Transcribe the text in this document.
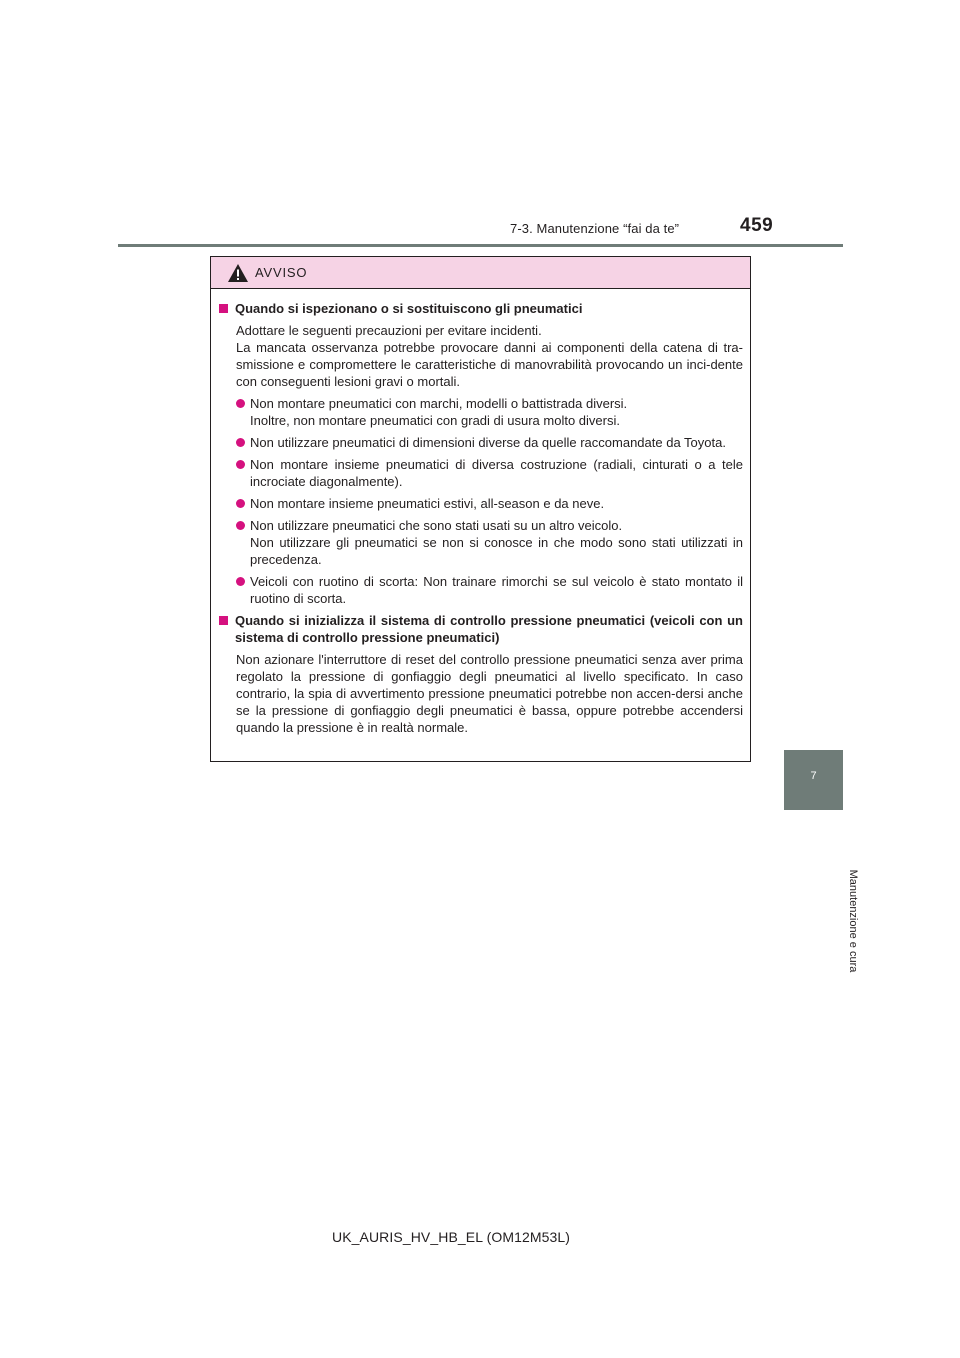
7-3. Manutenzione “fai da te”	459
7
Manutenzione e cura
AVVISO
Quando si ispezionano o si sostituiscono gli pneumatici
Adottare le seguenti precauzioni per evitare incidenti.
La mancata osservanza potrebbe provocare danni ai componenti della catena di tra-smissione e compromettere le caratteristiche di manovrabilità provocando un inci-dente con conseguenti lesioni gravi o mortali.
Non montare pneumatici con marchi, modelli o battistrada diversi.
Inoltre, non montare pneumatici con gradi di usura molto diversi.
Non utilizzare pneumatici di dimensioni diverse da quelle raccomandate da Toyota.
Non montare insieme pneumatici di diversa costruzione (radiali, cinturati o a tele incrociate diagonalmente).
Non montare insieme pneumatici estivi, all-season e da neve.
Non utilizzare pneumatici che sono stati usati su un altro veicolo.
Non utilizzare gli pneumatici se non si conosce in che modo sono stati utilizzati in precedenza.
Veicoli con ruotino di scorta: Non trainare rimorchi se sul veicolo è stato montato il ruotino di scorta.
Quando si inizializza il sistema di controllo pressione pneumatici (veicoli con un sistema di controllo pressione pneumatici)
Non azionare l'interruttore di reset del controllo pressione pneumatici senza aver prima regolato la pressione di gonfiaggio degli pneumatici al livello specificato. In caso contrario, la spia di avvertimento pressione pneumatici potrebbe non accen-dersi anche se la pressione di gonfiaggio degli pneumatici è bassa, oppure potrebbe accendersi quando la pressione è in realtà normale.
UK_AURIS_HV_HB_EL (OM12M53L)
